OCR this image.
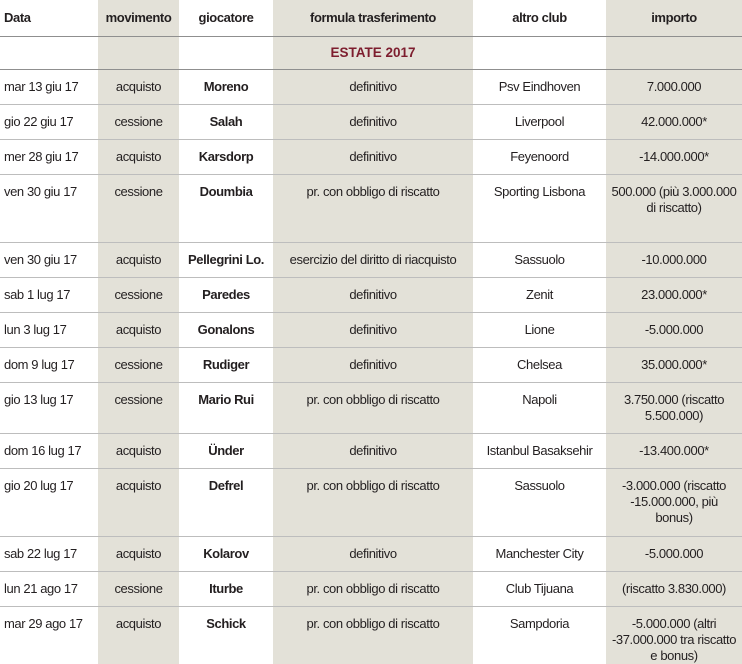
Data	movimento	giocatore	formula trasferimento	altro club	importo
			ESTATE 2017		
mar 13 giu 17	acquisto	Moreno	definitivo	Psv Eindhoven	7.000.000
gio 22 giu 17	cessione	Salah	definitivo	Liverpool	42.000.000*
mer 28 giu 17	acquisto	Karsdorp	definitivo	Feyenoord	-14.000.000*
ven 30 giu 17	cessione	Doumbia	pr. con obbligo di riscatto	Sporting Lisbona	500.000 (più 3.000.000 di riscatto)
ven 30 giu 17	acquisto	Pellegrini Lo.	esercizio del diritto di riacquisto	Sassuolo	-10.000.000
sab 1 lug 17	cessione	Paredes	definitivo	Zenit	23.000.000*
lun 3 lug 17	acquisto	Gonalons	definitivo	Lione	-5.000.000
dom 9 lug 17	cessione	Rudiger	definitivo	Chelsea	35.000.000*
gio 13 lug 17	cessione	Mario Rui	pr. con obbligo di riscatto	Napoli	3.750.000 (riscatto 5.500.000)
dom 16 lug 17	acquisto	Ünder	definitivo	Istanbul Basaksehir	-13.400.000*
gio 20 lug 17	acquisto	Defrel	pr. con obbligo di riscatto	Sassuolo	-3.000.000 (riscatto -15.000.000, più bonus)
sab 22 lug 17	acquisto	Kolarov	definitivo	Manchester City	-5.000.000
lun 21 ago 17	cessione	Iturbe	pr. con obbligo di riscatto	Club Tijuana	(riscatto 3.830.000)
mar 29 ago 17	acquisto	Schick	pr. con obbligo di riscatto	Sampdoria	-5.000.000 (altri -37.000.000 tra riscatto e bonus)
